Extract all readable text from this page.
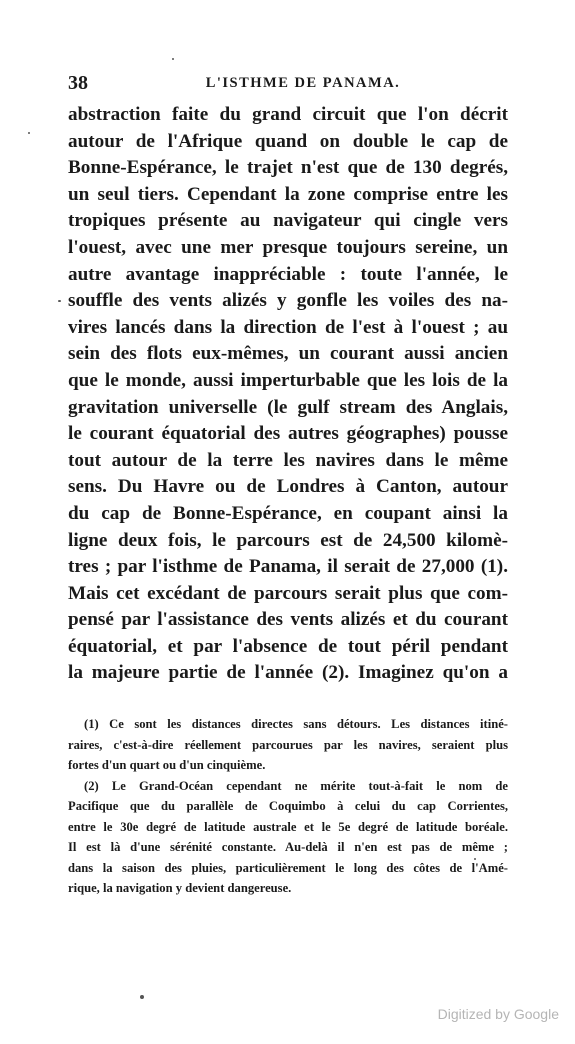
38	L'ISTHME DE PANAMA.
abstraction faite du grand circuit que l'on décrit
autour de l'Afrique quand on double le cap de
Bonne-Espérance, le trajet n'est que de 130 degrés,
un seul tiers. Cependant la zone comprise entre les
tropiques présente au navigateur qui cingle vers
l'ouest, avec une mer presque toujours sereine, un
autre avantage inappréciable : toute l'année, le
souffle des vents alizés y gonfle les voiles des na-
vires lancés dans la direction de l'est à l'ouest ; au
sein des flots eux-mêmes, un courant aussi ancien
que le monde, aussi imperturbable que les lois de la
gravitation universelle (le gulf stream des Anglais,
le courant équatorial des autres géographes) pousse
tout autour de la terre les navires dans le même
sens. Du Havre ou de Londres à Canton, autour
du cap de Bonne-Espérance, en coupant ainsi la
ligne deux fois, le parcours est de 24,500 kilomè-
tres ; par l'isthme de Panama, il serait de 27,000 (1).
Mais cet excédant de parcours serait plus que com-
pensé par l'assistance des vents alizés et du courant
équatorial, et par l'absence de tout péril pendant
la majeure partie de l'année (2). Imaginez qu'on a
(1) Ce sont les distances directes sans détours. Les distances itiné-
raires, c'est-à-dire réellement parcourues par les navires, seraient plus
fortes d'un quart ou d'un cinquième.
(2) Le Grand-Océan cependant ne mérite tout-à-fait le nom de
Pacifique que du parallèle de Coquimbo à celui du cap Corrientes,
entre le 30e degré de latitude australe et le 5e degré de latitude boréale.
Il est là d'une sérénité constante. Au-delà il n'en est pas de même ;
dans la saison des pluies, particulièrement le long des côtes de l'Amé-
rique, la navigation y devient dangereuse.
Digitized by Google
